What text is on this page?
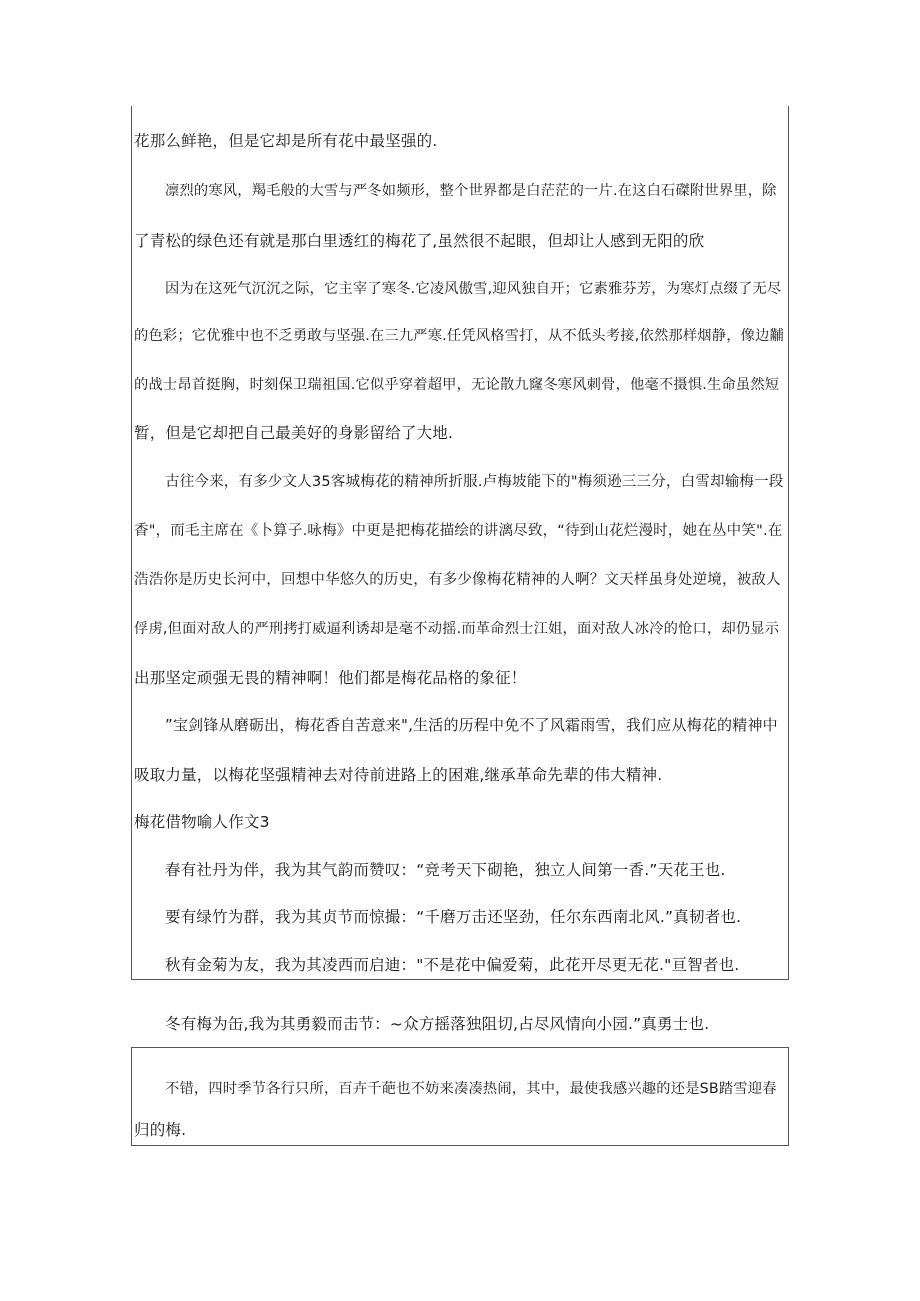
花那么鲜艳，但是它却是所有花中最坚强的.
凛烈的寒风，羯毛般的大雪与严冬如频形，整个世界都是白茫茫的一片.在这白石磔附世界里，除
了青松的绿色还有就是那白里透红的梅花了,虽然很不起眼，但却让人感到无阳的欣
因为在这死气沉沉之际，它主宰了寒冬.它凌风傲雪,迎风独自开；它素雅芬芳，为寒灯点缀了无尽
的色彩；它优雅中也不乏勇敢与坚强.在三九严寒.任凭风格雪打，从不低头考接,依然那样烟静，像边黼
的战士昂首挺胸，时刻保卫瑞祖国.它似乎穿着超甲，无论散九窿冬寒风刺骨，他毫不摄惧.生命虽然短
暂，但是它却把自己最美好的身影留给了大地.
古往今来，有多少文人35客城梅花的精神所折服.卢梅坡能下的"梅须逊三三分，白雪却输梅一段
香"，而毛主席在《卜算子.咏梅》中更是把梅花描绘的讲漓尽致，“待到山花烂漫时，她在丛中笑".在
浩浩你是历史长河中，回想中华悠久的历史，有多少像梅花精神的人啊？文天样虽身处逆境，被敌人
俘虏,但面对敌人的严刑拷打威逼利诱却是毫不动摇.而革命烈士江姐，面对敌人冰冷的怆口，却仍显示
出那坚定顽强无畏的精神啊！他们都是梅花品格的象征！
”宝剑锋从磨砺出，梅花香自苦意来",生活的历程中免不了风霜雨雪，我们应从梅花的精神中
吸取力量，以梅花坚强精神去对待前进路上的困难,继承革命先辈的伟大精神.
梅花借物喻人作文3
春有社丹为伴，我为其气韵而赞叹：“竞考天下砌艳，独立人间第一香.”天花王也.
要有绿竹为群，我为其贞节而惊撮：“千磨万击还坚劲，任尔东西南北风.”真韧者也.
秋有金菊为友，我为其凌西而启迪："不是花中偏爱菊，此花开尽更无花."亘智者也.
冬有梅为缶,我为其勇毅而击节：~众方摇落独阻切,占尽风情向小园.”真勇士也.
不错，四时季节各行只所，百卉千葩也不妨来凑凑热闹，其中，最使我感兴趣的还是SB踏雪迎春
归的梅.
